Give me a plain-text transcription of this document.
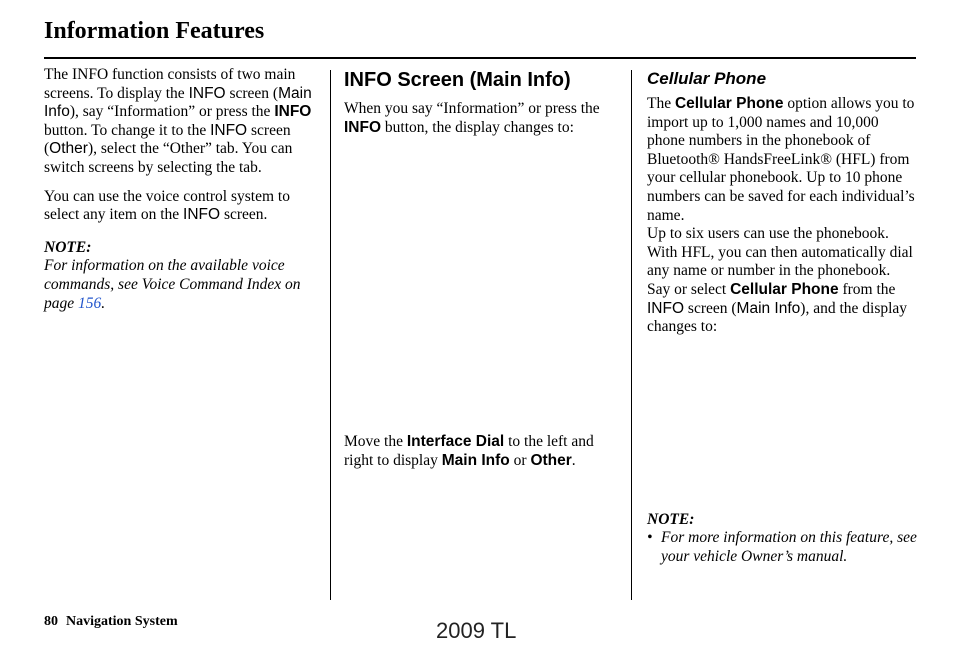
Information Features

The INFO function consists of two main screens. To display the INFO screen (Main Info), say “Information” or press the INFO button. To change it to the INFO screen (Other), select the “Other” tab. You can switch screens by selecting the tab.

You can use the voice control system to select any item on the INFO screen.

NOTE:
For information on the available voice commands, see Voice Command Index on page 156.
INFO Screen (Main Info)

When you say “Information” or press the INFO button, the display changes to:

Move the Interface Dial to the left and right to display Main Info or Other.

Cellular Phone
The Cellular Phone option allows you to import up to 1,000 names and 10,000 phone numbers in the phonebook of Bluetooth® HandsFreeLink® (HFL) from your cellular phonebook. Up to 10 phone numbers can be saved for each individual’s name.
Up to six users can use the phonebook. With HFL, you can then automatically dial any name or number in the phonebook.
Say or select Cellular Phone from the INFO screen (Main Info), and the display changes to:
NOTE:
• For more information on this feature, see your vehicle Owner’s manual.
80 Navigation System	2009 TL
